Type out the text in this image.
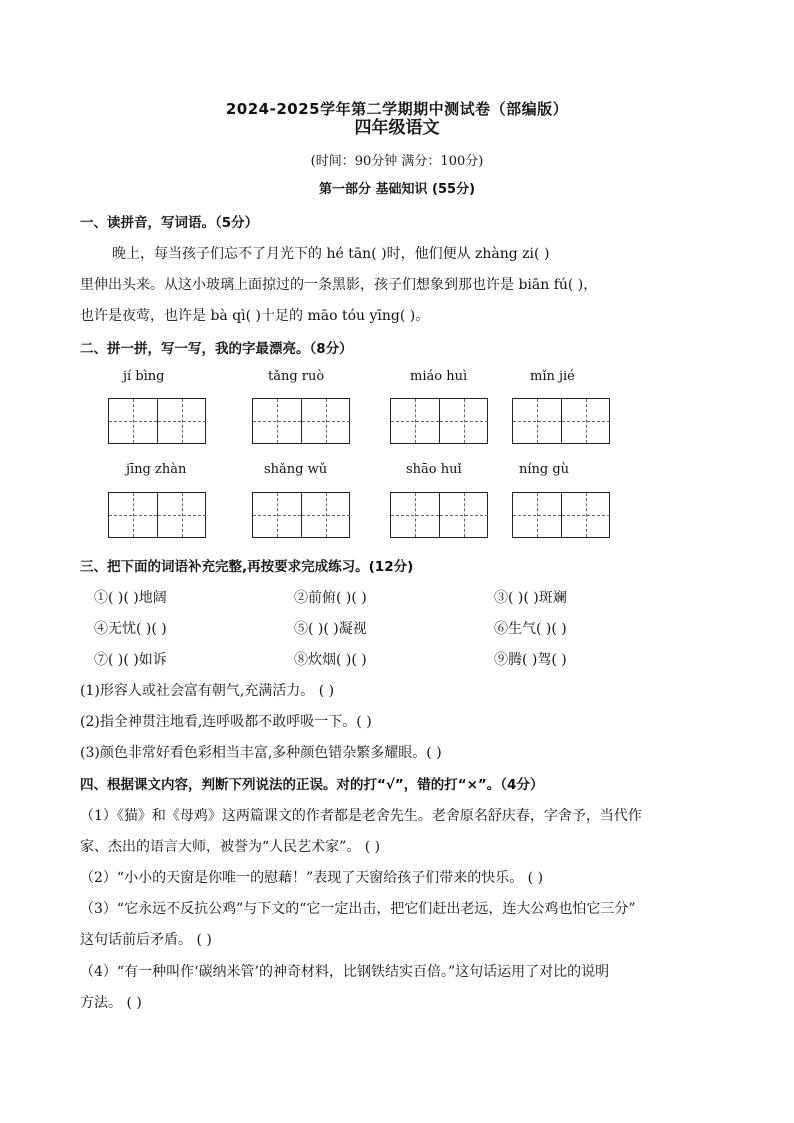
2024-2025学年第二学期期中测试卷（部编版）
四年级语文
(时间：90分钟 满分：100分)
第一部分 基础知识 (55分)
一、读拼音，写词语。（5分）
晚上，每当孩子们忘不了月光下的 hé tān( )时，他们便从 zhàng zi( )
里伸出头来。从这小玻璃上面掠过的一条黑影，孩子们想象到那也许是 biān fú( )，
也许是夜莺，也许是 bà qì( )十足的 māo tóu yīng( )。
二、拼一拼，写一写，我的字最漂亮。（8分）
jí bìng	tǎng ruò	miáo huì	mǐn jié
jīng zhàn	shǎng wǔ	shāo huǐ	níng gù
三、把下面的词语补充完整,再按要求完成练习。(12分)
①( )( )地阔	②前俯( )( )	③( )( )斑斓
④无忧( )( )	⑤( )( )凝视	⑥生气( )( )
⑦( )( )如诉	⑧炊烟( )( )	⑨腾( )驾( )
(1)形容人或社会富有朝气,充满活力。 ( )
(2)指全神贯注地看,连呼吸都不敢呼吸一下。( )
(3)颜色非常好看色彩相当丰富,多种颜色错杂繁多耀眼。( )
四、根据课文内容，判断下列说法的正误。对的打“√”，错的打“×”。（4分）
（1）《猫》和《母鸡》这两篇课文的作者都是老舍先生。老舍原名舒庆春，字舍予，当代作
家、杰出的语言大师，被誉为“人民艺术家”。 ( )
（2）“小小的天窗是你唯一的慰藉！”表现了天窗给孩子们带来的快乐。 ( )
（3）“它永远不反抗公鸡”与下文的“它一定出击，把它们赶出老远，连大公鸡也怕它三分”
这句话前后矛盾。 ( )
（4）“有一种叫作‘碳纳米管’的神奇材料，比钢铁结实百倍。”这句话运用了对比的说明
方法。 ( )
